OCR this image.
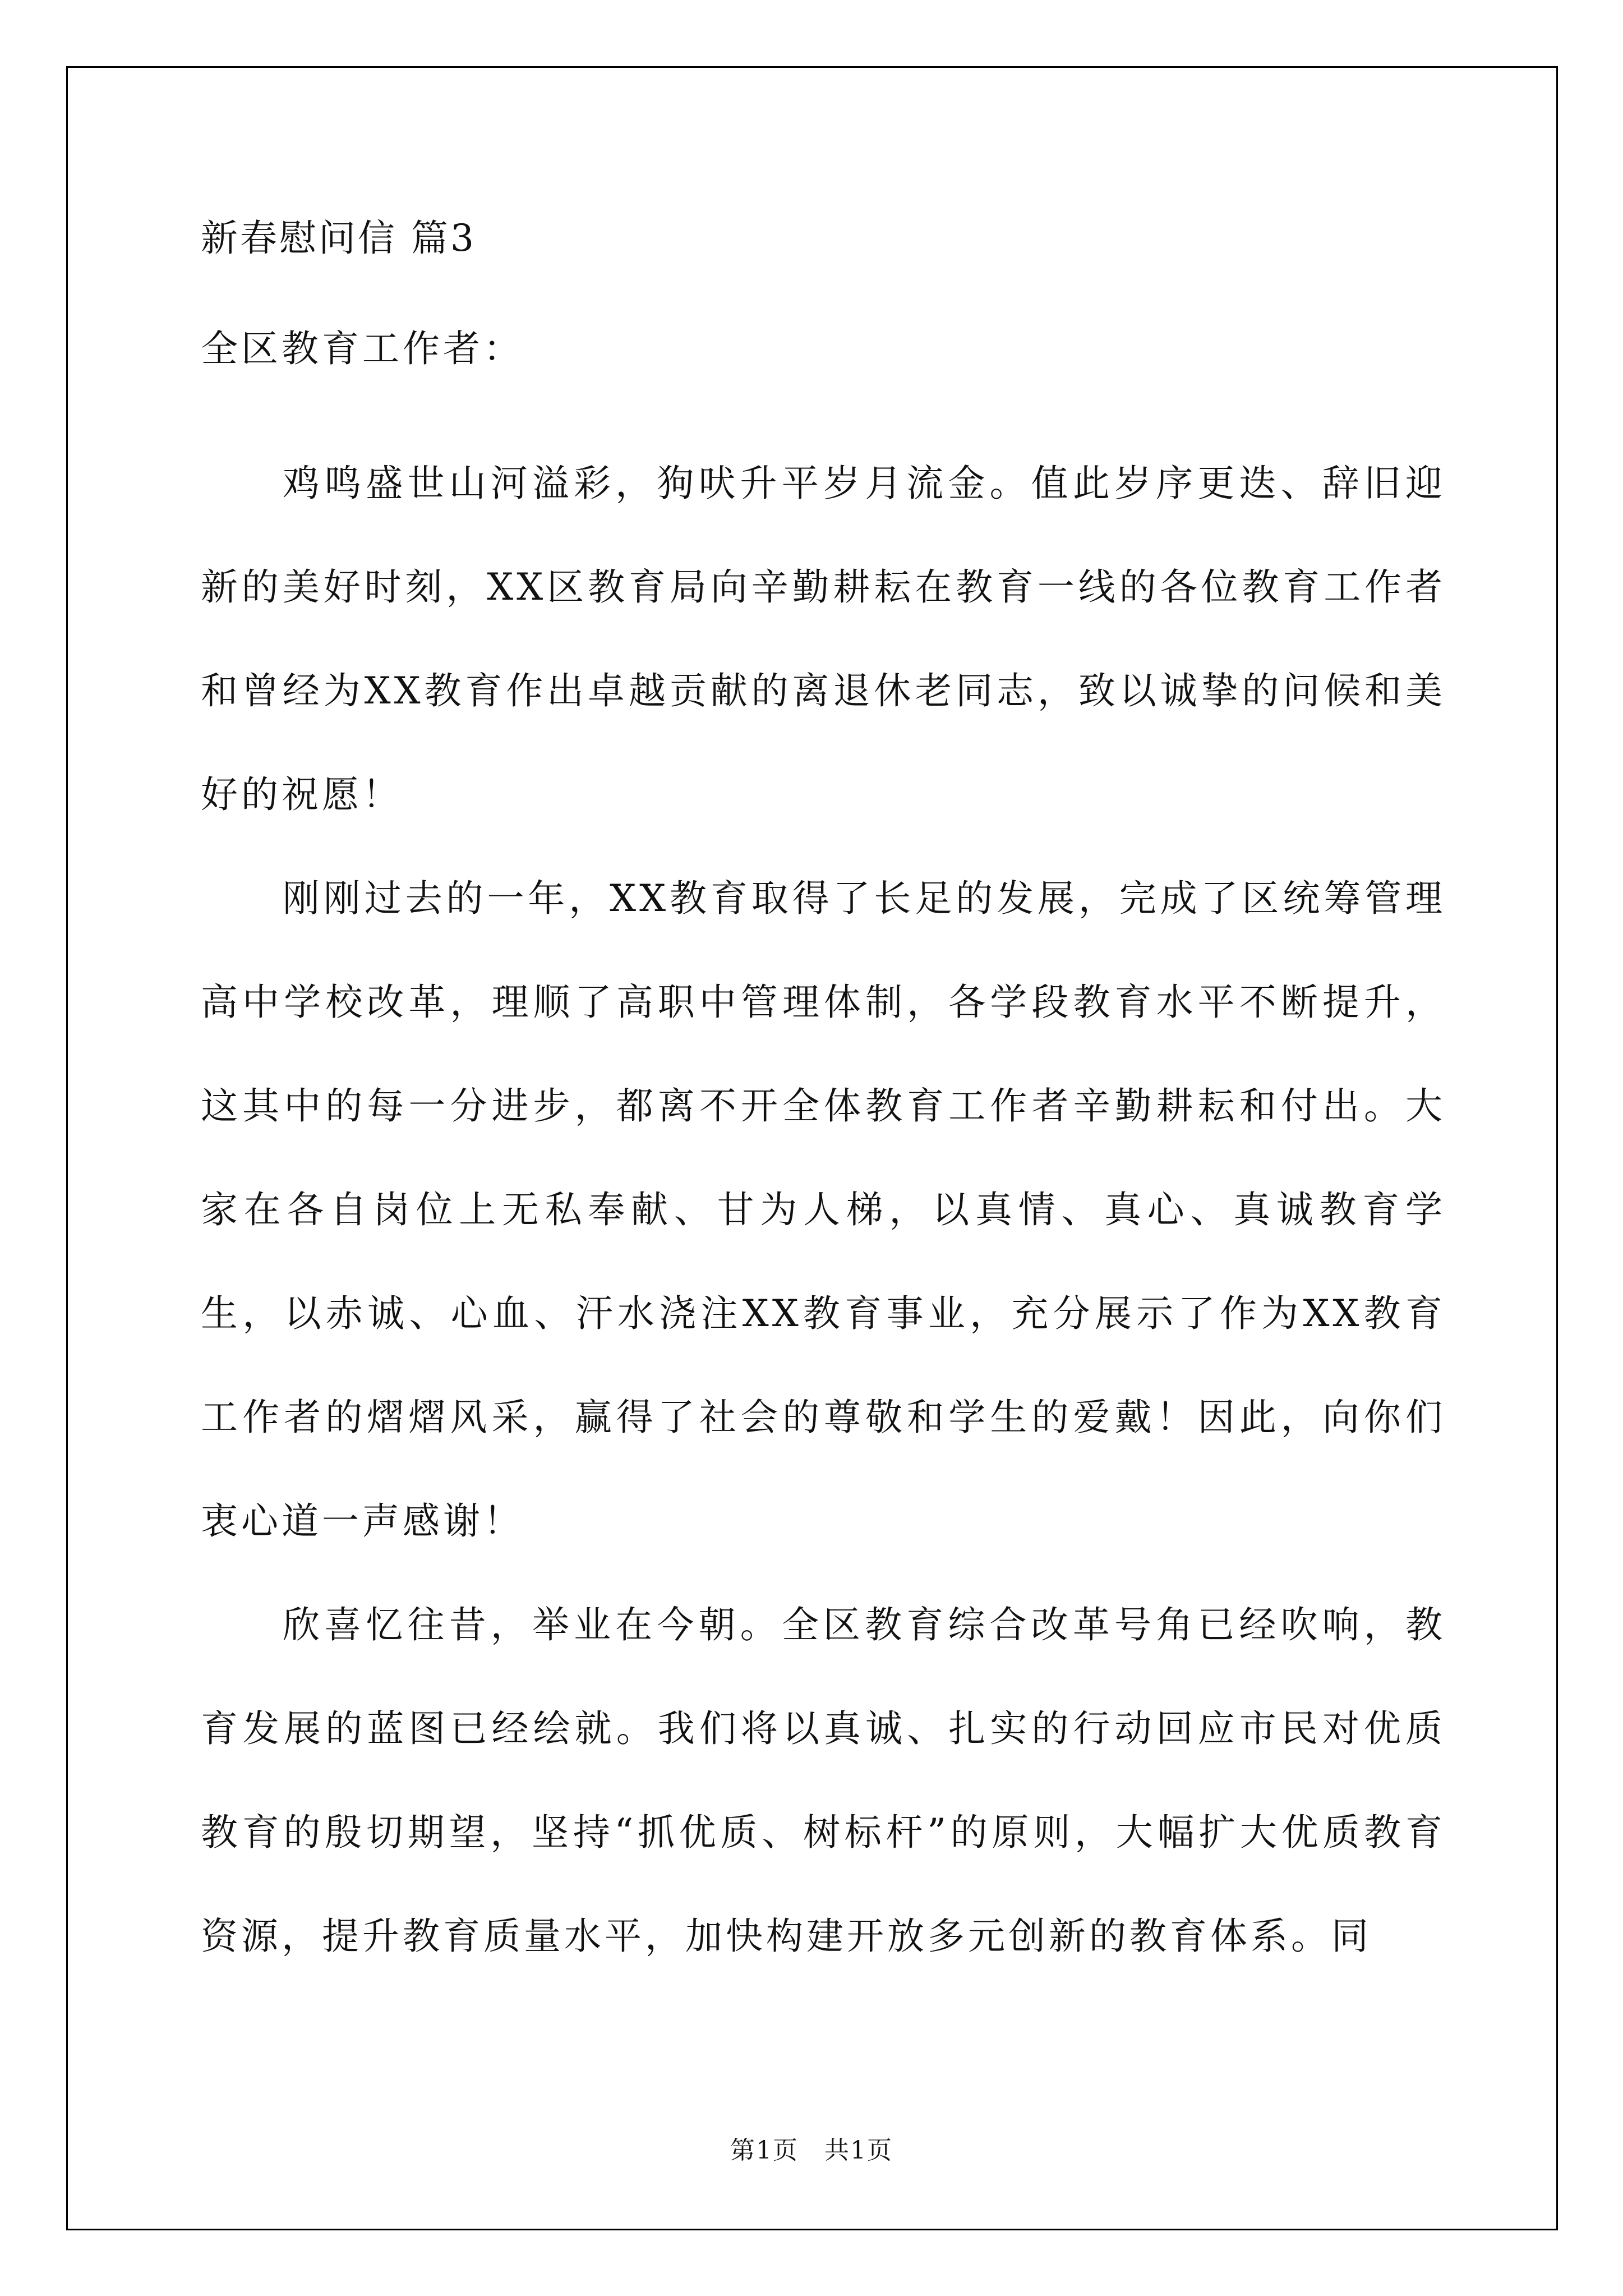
新春慰问信 篇3
全区教育工作者：

鸡鸣盛世山河溢彩，狗吠升平岁月流金。值此岁序更迭、辞旧迎新的美好时刻，XX区教育局向辛勤耕耘在教育一线的各位教育工作者和曾经为XX教育作出卓越贡献的离退休老同志，致以诚挚的问候和美好的祝愿！

刚刚过去的一年，XX教育取得了长足的发展，完成了区统筹管理高中学校改革，理顺了高职中管理体制，各学段教育水平不断提升，这其中的每一分进步，都离不开全体教育工作者辛勤耕耘和付出。大家在各自岗位上无私奉献、甘为人梯，以真情、真心、真诚教育学生，以赤诚、心血、汗水浇注XX教育事业，充分展示了作为XX教育工作者的熠熠风采，赢得了社会的尊敬和学生的爱戴！因此，向你们衷心道一声感谢！

欣喜忆往昔，举业在今朝。全区教育综合改革号角已经吹响，教育发展的蓝图已经绘就。我们将以真诚、扎实的行动回应市民对优质教育的殷切期望，坚持“抓优质、树标杆”的原则，大幅扩大优质教育资源，提升教育质量水平，加快构建开放多元创新的教育体系。同

第1页　共1页
